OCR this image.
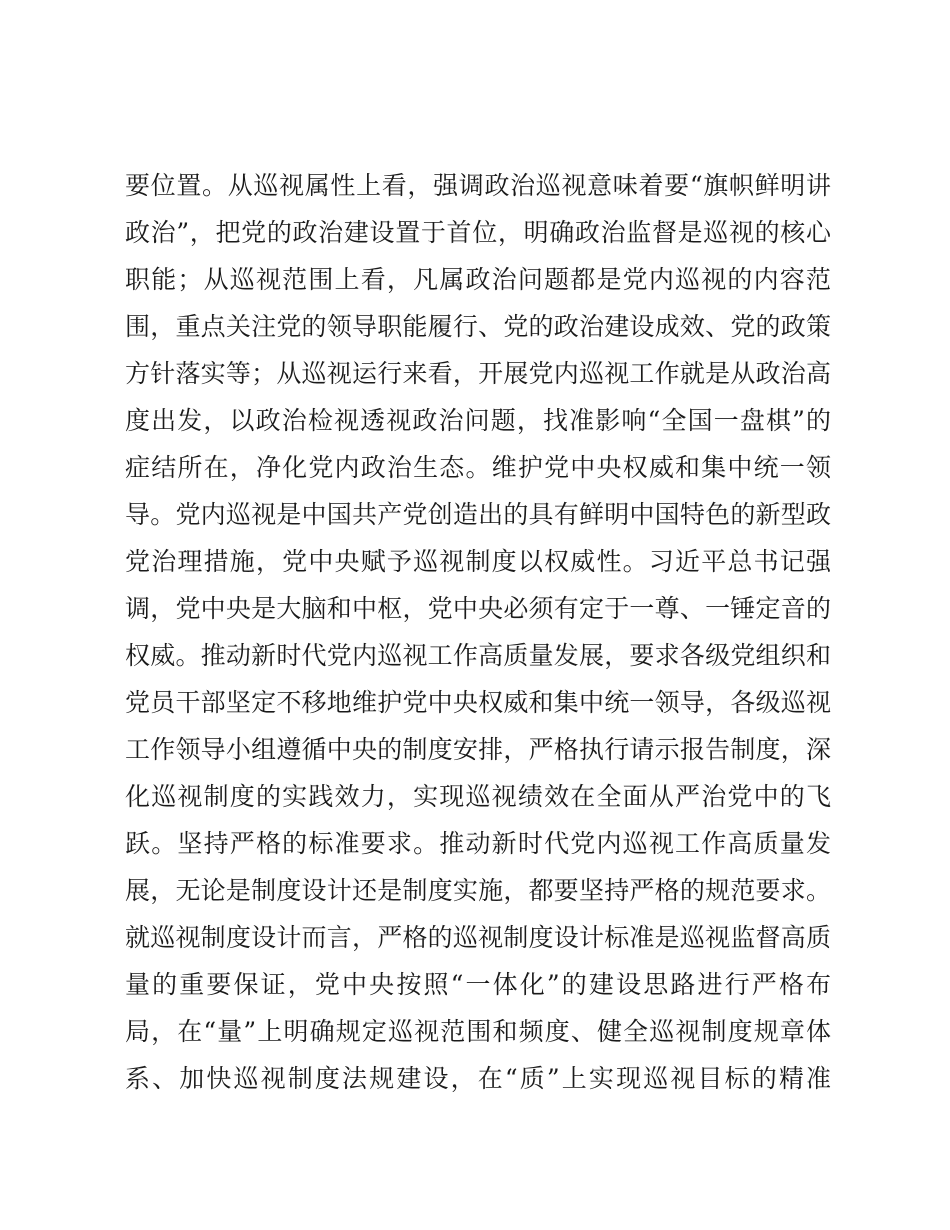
要位置。从巡视属性上看，强调政治巡视意味着要“旗帜鲜明讲
政治”，把党的政治建设置于首位，明确政治监督是巡视的核心
职能；从巡视范围上看，凡属政治问题都是党内巡视的内容范
围，重点关注党的领导职能履行、党的政治建设成效、党的政策
方针落实等；从巡视运行来看，开展党内巡视工作就是从政治高
度出发，以政治检视透视政治问题，找准影响“全国一盘棋”的
症结所在，净化党内政治生态。维护党中央权威和集中统一领
导。党内巡视是中国共产党创造出的具有鲜明中国特色的新型政
党治理措施，党中央赋予巡视制度以权威性。习近平总书记强
调，党中央是大脑和中枢，党中央必须有定于一尊、一锤定音的
权威。推动新时代党内巡视工作高质量发展，要求各级党组织和
党员干部坚定不移地维护党中央权威和集中统一领导，各级巡视
工作领导小组遵循中央的制度安排，严格执行请示报告制度，深
化巡视制度的实践效力，实现巡视绩效在全面从严治党中的飞
跃。坚持严格的标准要求。推动新时代党内巡视工作高质量发
展，无论是制度设计还是制度实施，都要坚持严格的规范要求。
就巡视制度设计而言，严格的巡视制度设计标准是巡视监督高质
量的重要保证，党中央按照“一体化”的建设思路进行严格布
局，在“量”上明确规定巡视范围和频度、健全巡视制度规章体
系、加快巡视制度法规建设，在“质”上实现巡视目标的精准
